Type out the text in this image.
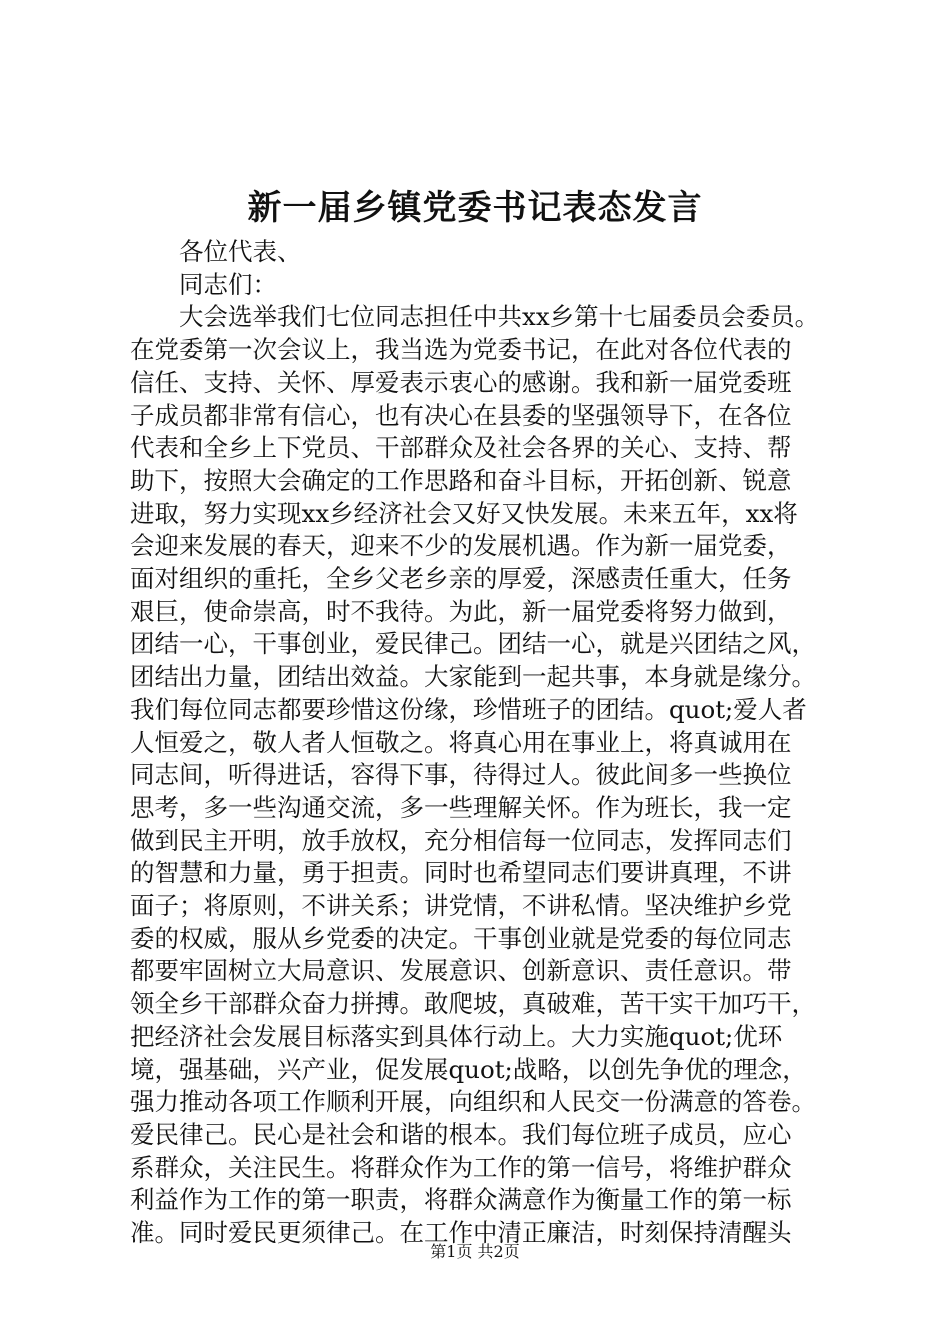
新一届乡镇党委书记表态发言
各位代表、
同志们：
大会选举我们七位同志担任中共xx乡第十七届委员会委员。
在党委第一次会议上，我当选为党委书记，在此对各位代表的
信任、支持、关怀、厚爱表示衷心的感谢。我和新一届党委班
子成员都非常有信心，也有决心在县委的坚强领导下，在各位
代表和全乡上下党员、干部群众及社会各界的关心、支持、帮
助下，按照大会确定的工作思路和奋斗目标，开拓创新、锐意
进取，努力实现xx乡经济社会又好又快发展。未来五年，xx将
会迎来发展的春天，迎来不少的发展机遇。作为新一届党委，
面对组织的重托，全乡父老乡亲的厚爱，深感责任重大，任务
艰巨，使命崇高，时不我待。为此，新一届党委将努力做到，
团结一心，干事创业，爱民律己。团结一心，就是兴团结之风，
团结出力量，团结出效益。大家能到一起共事，本身就是缘分。
我们每位同志都要珍惜这份缘，珍惜班子的团结。quot;爱人者
人恒爱之，敬人者人恒敬之。将真心用在事业上，将真诚用在
同志间，听得进话，容得下事，待得过人。彼此间多一些换位
思考，多一些沟通交流，多一些理解关怀。作为班长，我一定
做到民主开明，放手放权，充分相信每一位同志，发挥同志们
的智慧和力量，勇于担责。同时也希望同志们要讲真理，不讲
面子；将原则，不讲关系；讲党情，不讲私情。坚决维护乡党
委的权威，服从乡党委的决定。干事创业就是党委的每位同志
都要牢固树立大局意识、发展意识、创新意识、责任意识。带
领全乡干部群众奋力拼搏。敢爬坡，真破难，苦干实干加巧干，
把经济社会发展目标落实到具体行动上。大力实施quot;优环
境，强基础，兴产业，促发展quot;战略，以创先争优的理念，
强力推动各项工作顺利开展，向组织和人民交一份满意的答卷。
爱民律己。民心是社会和谐的根本。我们每位班子成员，应心
系群众，关注民生。将群众作为工作的第一信号，将维护群众
利益作为工作的第一职责，将群众满意作为衡量工作的第一标
准。同时爱民更须律己。在工作中清正廉洁，时刻保持清醒头
第1页 共2页
